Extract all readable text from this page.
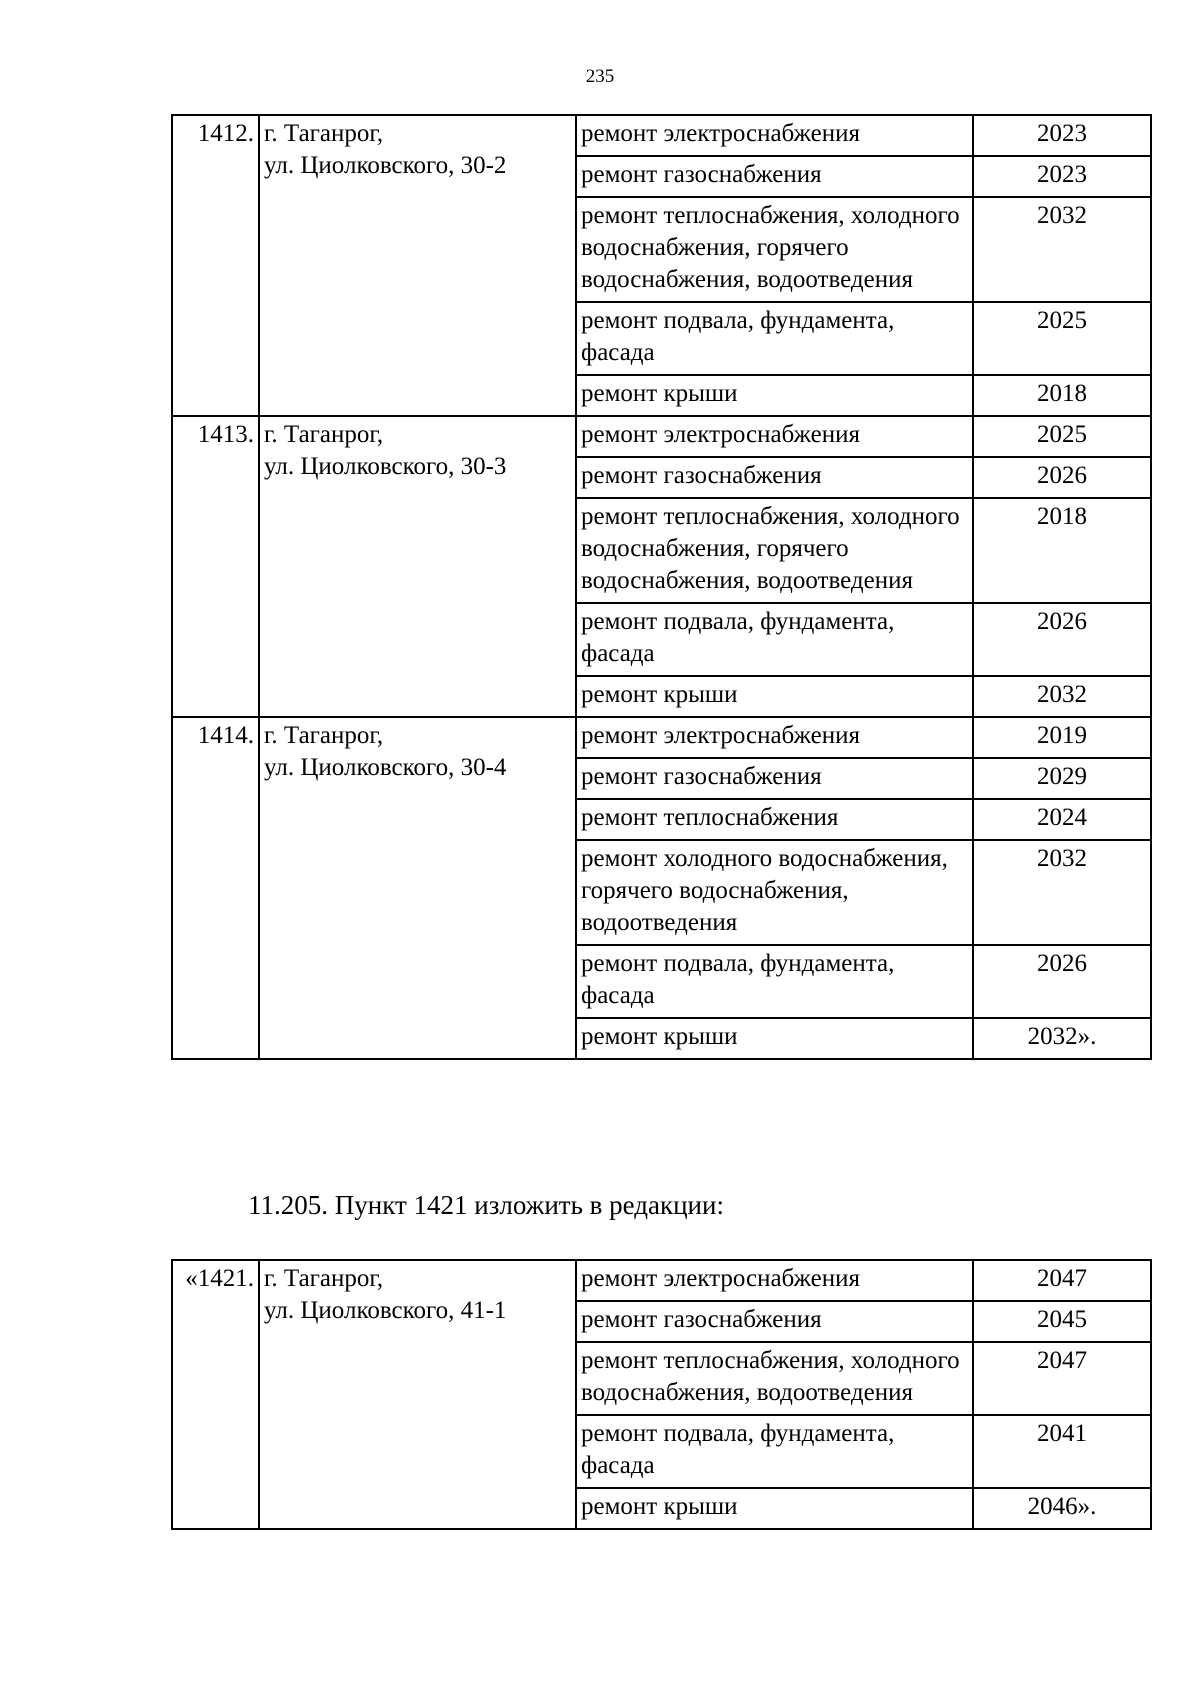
235
1412.	г. Таганрог,
ул. Циолковского, 30-2	ремонт электроснабжения	2023
		ремонт газоснабжения	2023
		ремонт теплоснабжения, холодного водоснабжения, горячего водоснабжения, водоотведения	2032
		ремонт подвала, фундамента, фасада	2025
		ремонт крыши	2018
1413.	г. Таганрог,
ул. Циолковского, 30-3	ремонт электроснабжения	2025
		ремонт газоснабжения	2026
		ремонт теплоснабжения, холодного водоснабжения, горячего водоснабжения, водоотведения	2018
		ремонт подвала, фундамента, фасада	2026
		ремонт крыши	2032
1414.	г. Таганрог,
ул. Циолковского, 30-4	ремонт электроснабжения	2019
		ремонт газоснабжения	2029
		ремонт теплоснабжения	2024
		ремонт холодного водоснабжения, горячего водоснабжения, водоотведения	2032
		ремонт подвала, фундамента, фасада	2026
		ремонт крыши	2032».
11.205. Пункт 1421 изложить в редакции:
«1421.	г. Таганрог,
ул. Циолковского, 41-1	ремонт электроснабжения	2047
		ремонт газоснабжения	2045
		ремонт теплоснабжения, холодного водоснабжения, водоотведения	2047
		ремонт подвала, фундамента, фасада	2041
		ремонт крыши	2046».
